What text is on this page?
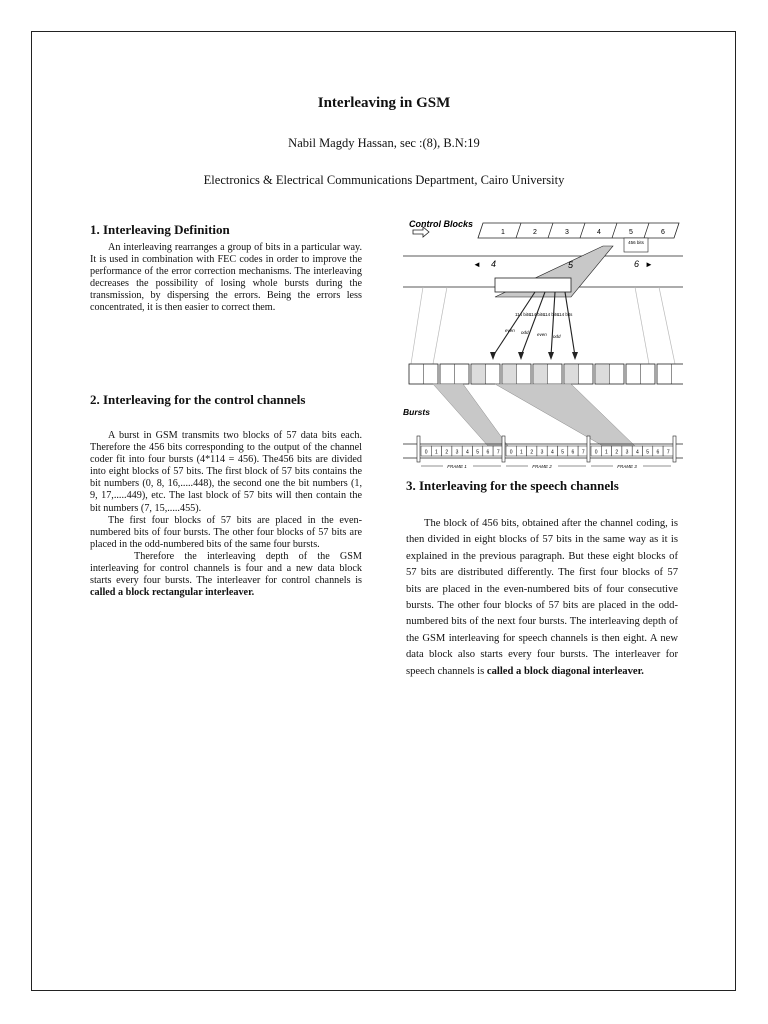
Interleaving in GSM
Nabil Magdy Hassan, sec :(8), B.N:19
Electronics & Electrical Communications Department, Cairo University
1. Interleaving Definition

An interleaving rearranges a group of bits in a particular way. It is used in combination with FEC codes in order to improve the performance of the error correction mechanisms. The interleaving decreases the possibility of losing whole bursts during the transmission, by dispersing the errors. Being the errors less concentrated, it is then easier to correct them.

2. Interleaving for the control channels

A burst in GSM transmits two blocks of 57 data bits each. Therefore the 456 bits corresponding to the output of the channel coder fit into four bursts (4*114 = 456). The456 bits are divided into eight blocks of 57 bits. The first block of 57 bits contains the bit numbers (0, 8, 16,.....448), the second one the bit numbers (1, 9, 17,.....449), etc. The last block of 57 bits will then contain the bit numbers (7, 15,.....455).

The first four blocks of 57 bits are placed in the even-numbered bits of four bursts. The other four blocks of 57 bits are placed in the odd-numbered bits of the same four bursts.

Therefore the interleaving depth of the GSM interleaving for control channels is four and a new data block starts every four bursts. The interleaver for control channels is called a block rectangular interleaver.

Control Blocks
1	2	3	4	5	6
456 bits
4	5	6
◄	►
114 bits
even
114 bits
odd
114 bits
even
114 bits
odd
Bursts
0 1 2 3 4 5 6 7
FRAME 1
0 1 2 3 4 5 6 7
FRAME 2
0 1 2 3 4 5 6 7
FRAME 3
3. Interleaving for the speech channels

The block of 456 bits, obtained after the channel coding, is then divided in eight blocks of 57 bits in the same way as it is explained in the previous paragraph. But these eight blocks of 57 bits are distributed differently. The first four blocks of 57 bits are placed in the even-numbered bits of four consecutive bursts. The other four blocks of 57 bits are placed in the odd-numbered bits of the next four bursts. The interleaving depth of the GSM interleaving for speech channels is then eight. A new data block also starts every four bursts. The interleaver for speech channels is called a block diagonal interleaver.
